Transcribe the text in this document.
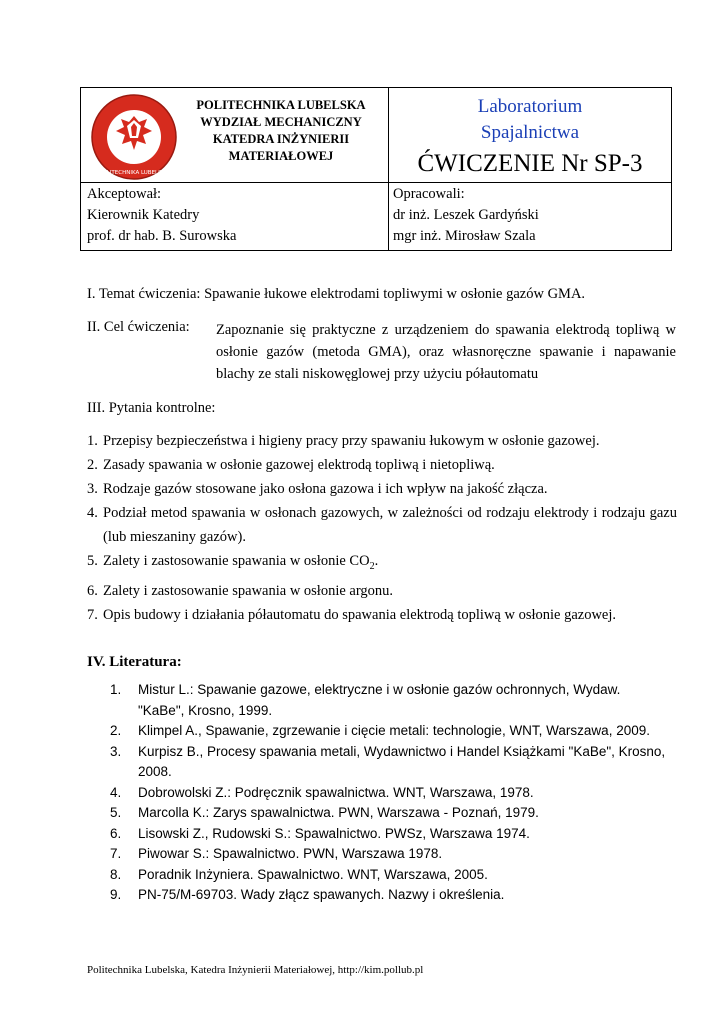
POLITECHNIKA LUBELSKA
POLITECHNIKA LUBELSKA
WYDZIAŁ MECHANICZNY
KATEDRA INŻYNIERII
MATERIAŁOWEJ
Laboratorium
Spajalnictwa
ĆWICZENIE Nr SP-3
Akceptował:
Kierownik Katedry
prof. dr hab. B. Surowska
Opracowali:
dr inż. Leszek Gardyński
mgr inż. Mirosław Szala
I. Temat ćwiczenia: Spawanie łukowe elektrodami topliwymi w osłonie gazów GMA.
II. Cel ćwiczenia: Zapoznanie się praktyczne z urządzeniem do spawania elektrodą topliwą w osłonie gazów (metoda GMA), oraz własnoręczne spawanie i napawanie blachy ze stali niskowęglowej przy użyciu półautomatu
III. Pytania kontrolne:
1. Przepisy bezpieczeństwa i higieny pracy przy spawaniu łukowym w osłonie gazowej.
2. Zasady spawania w osłonie gazowej elektrodą topliwą i nietopliwą.
3. Rodzaje gazów stosowane jako osłona gazowa i ich wpływ na jakość złącza.
4. Podział metod spawania w osłonach gazowych, w zależności od rodzaju elektrody i rodzaju gazu (lub mieszaniny gazów).
5. Zalety i zastosowanie spawania w osłonie $CO_2$.
6. Zalety i zastosowanie spawania w osłonie argonu.
7. Opis budowy i działania półautomatu do spawania elektrodą topliwą w osłonie gazowej.
IV. Literatura:
1. Mistur L.: Spawanie gazowe, elektryczne i w osłonie gazów ochronnych, Wydaw. "KaBe", Krosno, 1999.
2. Klimpel A., Spawanie, zgrzewanie i cięcie metali: technologie, WNT, Warszawa, 2009.
3. Kurpisz B., Procesy spawania metali, Wydawnictwo i Handel Książkami "KaBe", Krosno, 2008.
4. Dobrowolski Z.: Podręcznik spawalnictwa. WNT, Warszawa, 1978.
5. Marcolla K.: Zarys spawalnictwa. PWN, Warszawa - Poznań, 1979.
6. Lisowski Z., Rudowski S.: Spawalnictwo. PWSz, Warszawa 1974.
7. Piwowar S.: Spawalnictwo. PWN, Warszawa 1978.
8. Poradnik Inżyniera. Spawalnictwo. WNT, Warszawa, 2005.
9. PN-75/M-69703. Wady złącz spawanych. Nazwy i określenia.
Politechnika Lubelska, Katedra Inżynierii Materiałowej, http://kim.pollub.pl
